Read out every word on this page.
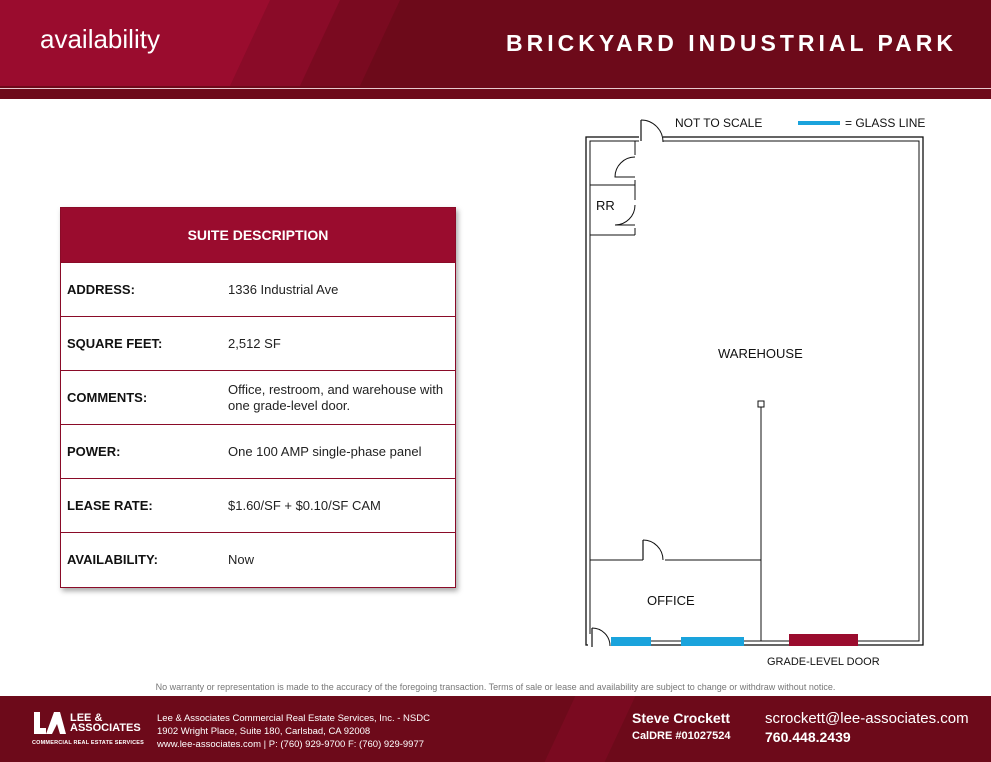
availability	BRICKYARD INDUSTRIAL PARK
SUITE DESCRIPTION
ADDRESS:	1336 Industrial Ave
SQUARE FEET:	2,512 SF
COMMENTS:
Office, restroom, and warehouse with one grade-level door.
POWER:	One 100 AMP single-phase panel
LEASE RATE:	$1.60/SF + $0.10/SF CAM
AVAILABILITY:	Now
NOT TO SCALE	= GLASS LINE
RR
WAREHOUSE
OFFICE
GRADE-LEVEL DOOR
No warranty or representation is made to the accuracy of the foregoing transaction. Terms of sale or lease and availability are subject to change or withdraw without notice.
LEE &
ASSOCIATES
COMMERCIAL REAL ESTATE SERVICES
Lee & Associates Commercial Real Estate Services, Inc. - NSDC
1902 Wright Place, Suite 180, Carlsbad, CA 92008
www.lee-associates.com | P: (760) 929-9700 F: (760) 929-9977
Steve Crockett
CalDRE #01027524
scrockett@lee-associates.com
760.448.2439
